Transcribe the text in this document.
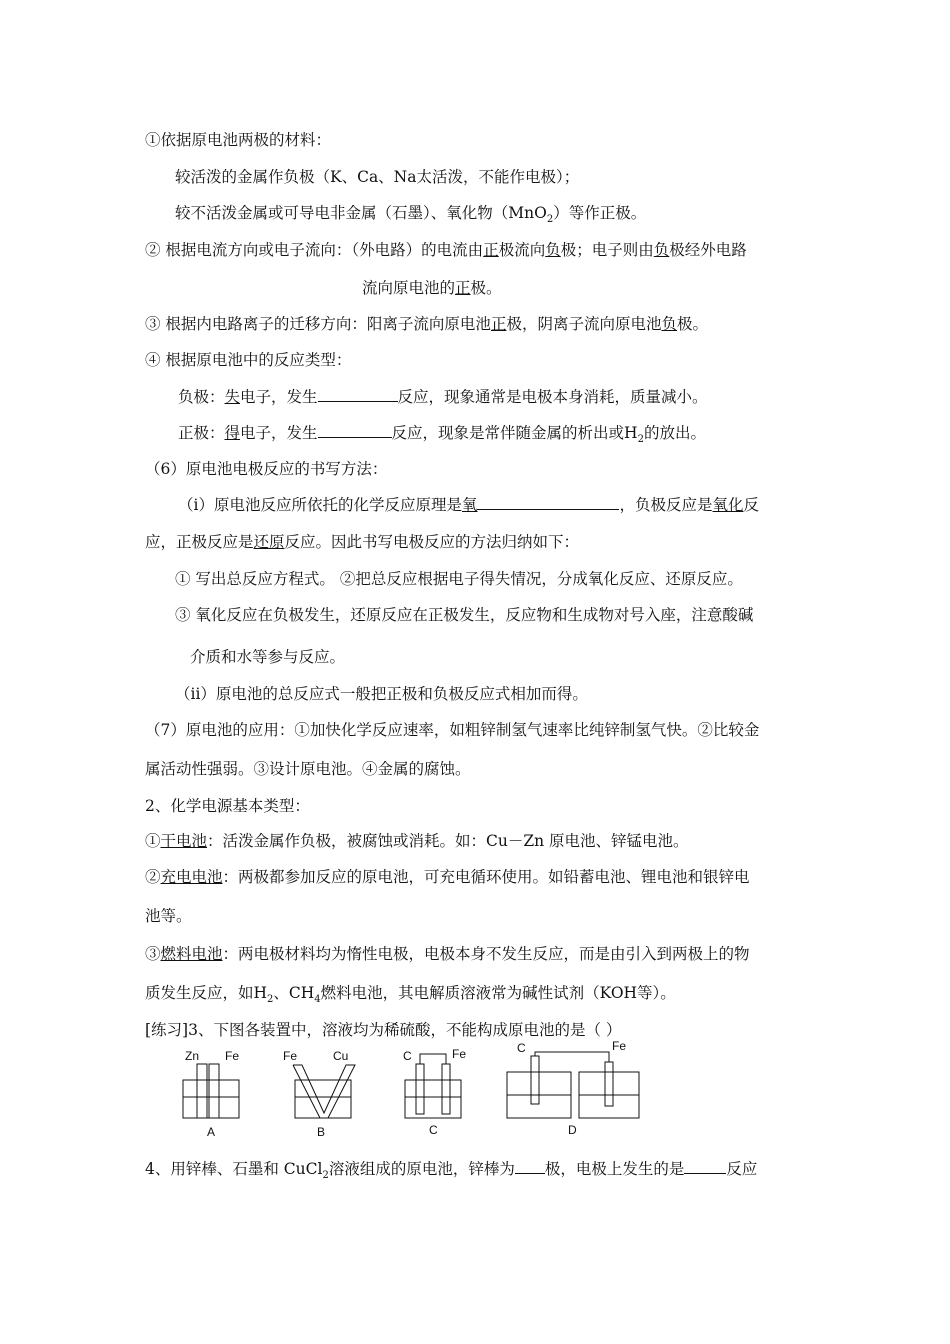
①依据原电池两极的材料：
较活泼的金属作负极（K、Ca、Na太活泼，不能作电极）；
较不活泼金属或可导电非金属（石墨）、氧化物（MnO$_2$）等作正极。
② 根据电流方向或电子流向：（外电路）的电流由正极流向负极；电子则由负极经外电路
流向原电池的正极。
③ 根据内电路离子的迁移方向：阳离子流向原电池正极，阴离子流向原电池负极。
④ 根据原电池中的反应类型：
负极：失电子，发生	反应，现象通常是电极本身消耗，质量减小。
正极：得电子，发生	反应，现象是常伴随金属的析出或$H_2$的放出。
（6）原电池电极反应的书写方法：
（i）原电池反应所依托的化学反应原理是氧	，负极反应是氧化反
应，正极反应是还原反应。因此书写电极反应的方法归纳如下：
① 写出总反应方程式。 ②把总反应根据电子得失情况，分成氧化反应、还原反应。
③ 氧化反应在负极发生，还原反应在正极发生，反应物和生成物对号入座，注意酸碱
介质和水等参与反应。
（ii）原电池的总反应式一般把正极和负极反应式相加而得。
（7）原电池的应用：①加快化学反应速率，如粗锌制氢气速率比纯锌制氢气快。②比较金
属活动性强弱。③设计原电池。④金属的腐蚀。
2、化学电源基本类型：
①干电池：活泼金属作负极，被腐蚀或消耗。如：Cu－Zn 原电池、锌锰电池。
②充电电池：两极都参加反应的原电池，可充电循环使用。如铅蓄电池、锂电池和银锌电
池等。
③燃料电池：两电极材料均为惰性电极，电极本身不发生反应，而是由引入到两极上的物
质发生反应，如$H_2$、$CH_4$燃料电池，其电解质溶液常为碱性试剂（KOH等）。
[练习]3、下图各装置中，溶液均为稀硫酸，不能构成原电池的是（ ）
Zn Fe
A
Fe	Cu
B
C	Fe
C
C	Fe
D
4、用锌棒、石墨和 CuCl$_2$溶液组成的原电池，锌棒为 极，电极上发生的是	反应
